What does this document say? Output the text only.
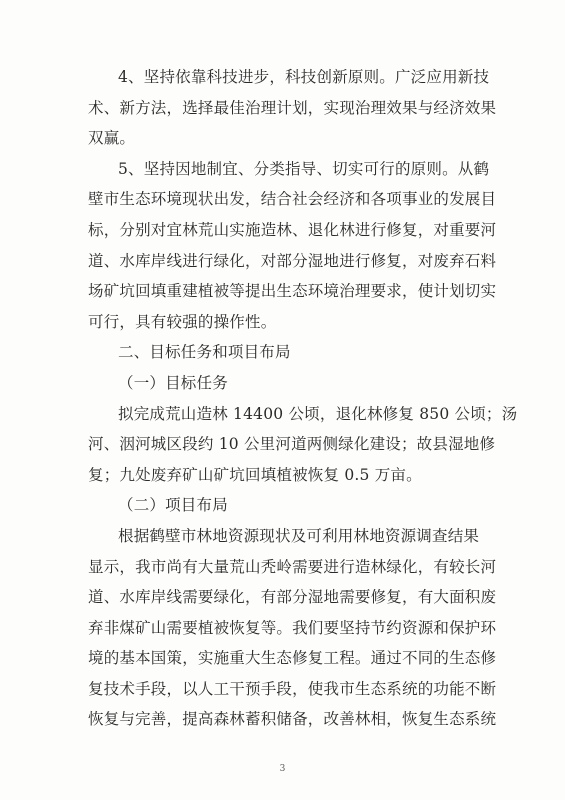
4、坚持依靠科技进步，科技创新原则。广泛应用新技
术、新方法，选择最佳治理计划，实现治理效果与经济效果
双赢。
5、坚持因地制宜、分类指导、切实可行的原则。从鹤
壁市生态环境现状出发，结合社会经济和各项事业的发展目
标，分别对宜林荒山实施造林、退化林进行修复，对重要河
道、水库岸线进行绿化，对部分湿地进行修复，对废弃石料
场矿坑回填重建植被等提出生态环境治理要求，使计划切实
可行，具有较强的操作性。
二、目标任务和项目布局
（一）目标任务
拟完成荒山造林 14400 公顷，退化林修复 850 公顷；汤
河、洇河城区段约 10 公里河道两侧绿化建设；故县湿地修
复；九处废弃矿山矿坑回填植被恢复 0.5 万亩。
（二）项目布局
根据鹤壁市林地资源现状及可利用林地资源调查结果
显示，我市尚有大量荒山秃岭需要进行造林绿化，有较长河
道、水库岸线需要绿化，有部分湿地需要修复，有大面积废
弃非煤矿山需要植被恢复等。我们要坚持节约资源和保护环
境的基本国策，实施重大生态修复工程。通过不同的生态修
复技术手段，以人工干预手段，使我市生态系统的功能不断
恢复与完善，提高森林蓄积储备，改善林相，恢复生态系统
3
